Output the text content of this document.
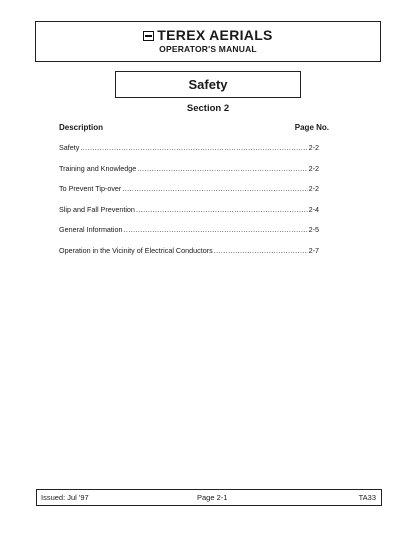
TEREX AERIALS
OPERATOR'S MANUAL
Safety
Section 2
Description	Page No.
Safety .....	2-2
Training and Knowledge .....	2-2
To Prevent Tip-over .....	2-2
Slip and Fall Prevention .....	2-4
General Information .....	2-5
Operation in the Vicinity of Electrical Conductors .....	2-7
Issued: Jul '97	Page 2-1	TA33
